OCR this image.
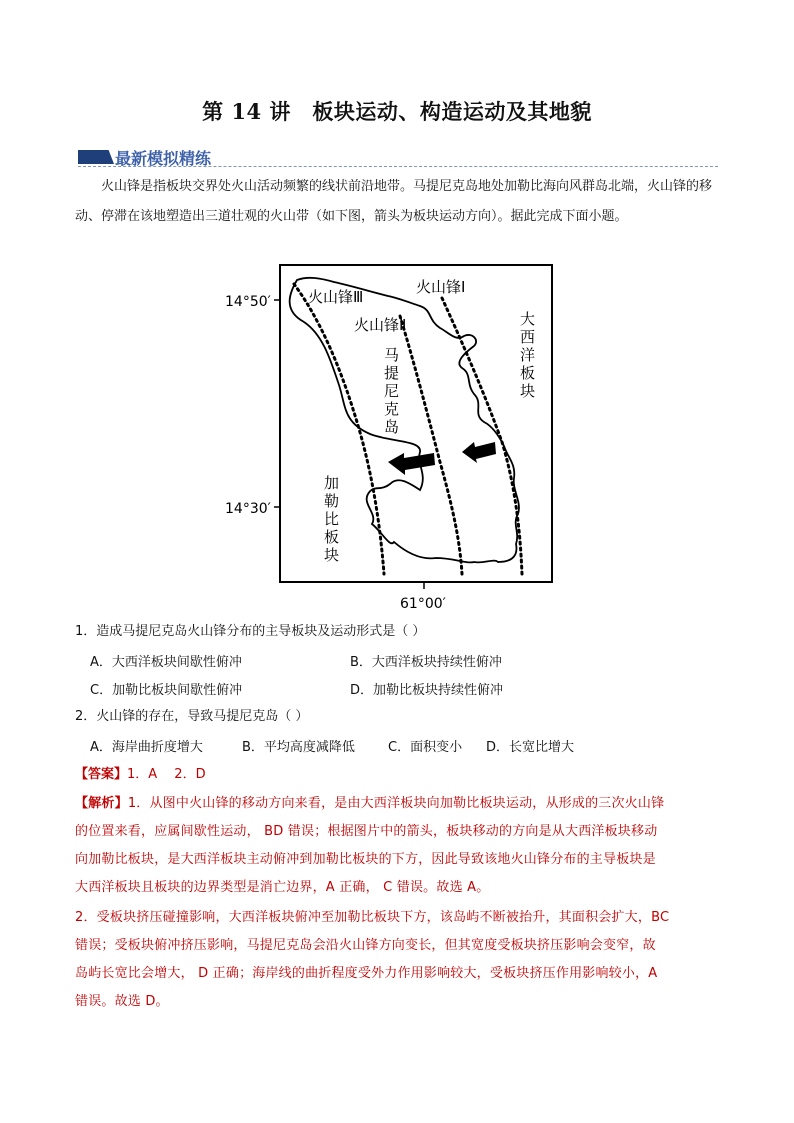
第 14 讲　板块运动、构造运动及其地貌
最新模拟精练
火山锋是指板块交界处火山活动频繁的线状前沿地带。马提尼克岛地处加勒比海向风群岛北端，火山锋的移动、停滞在该地塑造出三道壮观的火山带（如下图，箭头为板块运动方向）。据此完成下面小题。
14°50′
14°30′
61°00′
火山锋Ⅲ
火山锋Ⅱ
火山锋Ⅰ
马
提
尼
克
岛
大
西
洋
板
块
加
勒
比
板
块
1．造成马提尼克岛火山锋分布的主导板块及运动形式是（ ）
A．大西洋板块间歇性俯冲	B．大西洋板块持续性俯冲
C．加勒比板块间歇性俯冲	D．加勒比板块持续性俯冲
2．火山锋的存在，导致马提尼克岛（ ）
A．海岸曲折度增大	B．平均高度减降低	C．面积变小 D．长宽比增大
【答案】1．A　 2．D
【解析】1．从图中火山锋的移动方向来看，是由大西洋板块向加勒比板块运动，从形成的三次火山锋
的位置来看，应属间歇性运动， BD 错误；根据图片中的箭头，板块移动的方向是从大西洋板块移动
向加勒比板块，是大西洋板块主动俯冲到加勒比板块的下方，因此导致该地火山锋分布的主导板块是
大西洋板块且板块的边界类型是消亡边界，A 正确， C 错误。故选 A。
2．受板块挤压碰撞影响，大西洋板块俯冲至加勒比板块下方，该岛屿不断被抬升，其面积会扩大，BC
错误；受板块俯冲挤压影响，马提尼克岛会沿火山锋方向变长，但其宽度受板块挤压影响会变窄，故
岛屿长宽比会增大， D 正确；海岸线的曲折程度受外力作用影响较大，受板块挤压作用影响较小，A
错误。故选 D。
